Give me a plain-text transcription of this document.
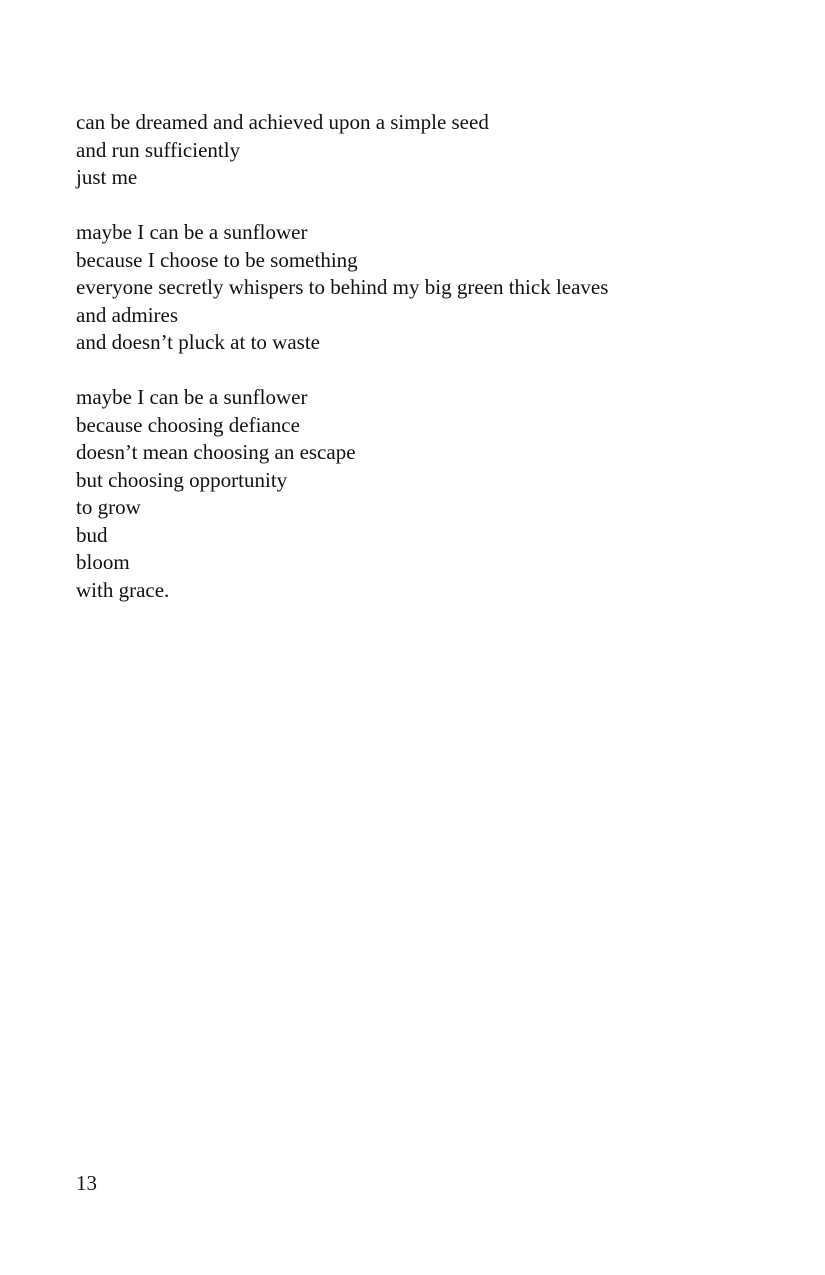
can be dreamed and achieved upon a simple seed
and run sufficiently
just me
maybe I can be a sunflower
because I choose to be something
everyone secretly whispers to behind my big green thick leaves
and admires
and doesn’t pluck at to waste
maybe I can be a sunflower
because choosing defiance
doesn’t mean choosing an escape
but choosing opportunity
to grow
bud
bloom
with grace.
13
